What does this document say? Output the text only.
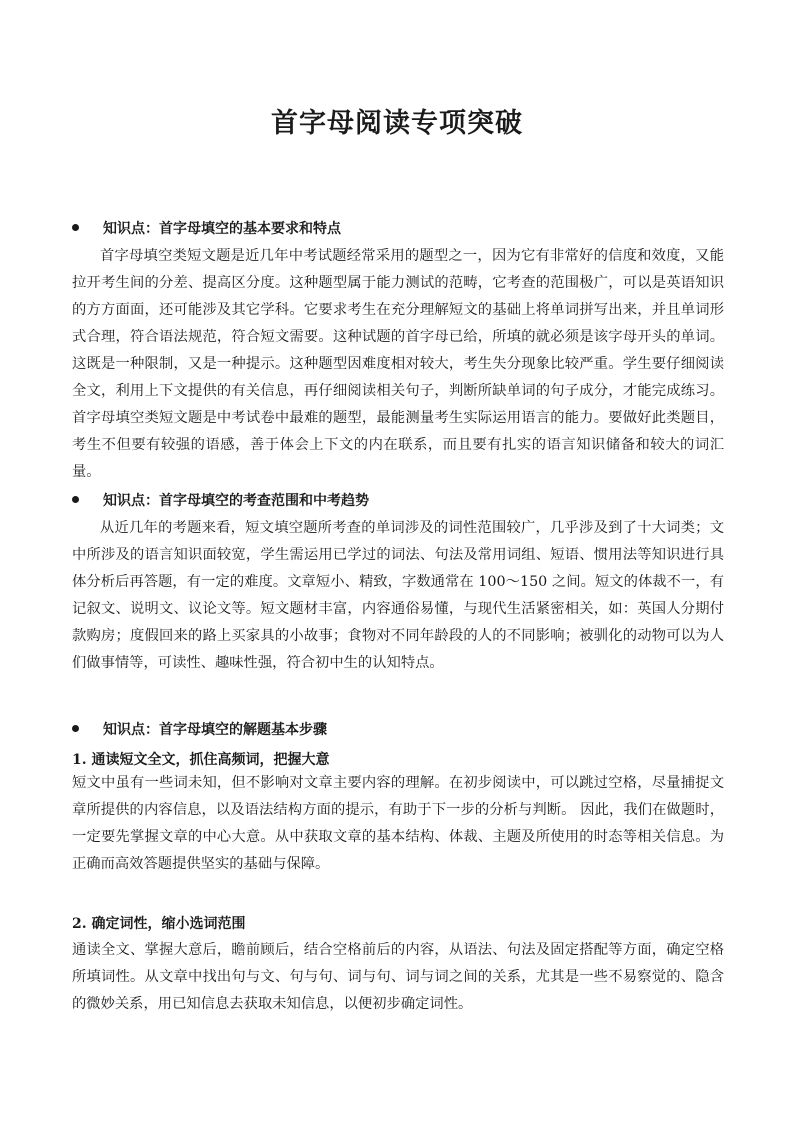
首字母阅读专项突破
知识点：首字母填空的基本要求和特点

首字母填空类短文题是近几年中考试题经常采用的题型之一，因为它有非常好的信度和效度，又能拉开考生间的分差、提高区分度。这种题型属于能力测试的范畴，它考查的范围极广，可以是英语知识的方方面面，还可能涉及其它学科。它要求考生在充分理解短文的基础上将单词拼写出来，并且单词形式合理，符合语法规范，符合短文需要。这种试题的首字母已给，所填的就必须是该字母开头的单词。这既是一种限制，又是一种提示。这种题型因难度相对较大，考生失分现象比较严重。学生要仔细阅读全文，利用上下文提供的有关信息，再仔细阅读相关句子，判断所缺单词的句子成分，才能完成练习。首字母填空类短文题是中考试卷中最难的题型，最能测量考生实际运用语言的能力。要做好此类题目，考生不但要有较强的语感，善于体会上下文的内在联系，而且要有扎实的语言知识储备和较大的词汇量。

知识点：首字母填空的考查范围和中考趋势

从近几年的考题来看，短文填空题所考查的单词涉及的词性范围较广，几乎涉及到了十大词类；文中所涉及的语言知识面较宽，学生需运用已学过的词法、句法及常用词组、短语、惯用法等知识进行具体分析后再答题，有一定的难度。文章短小、精致，字数通常在 100～150 之间。短文的体裁不一，有记叙文、说明文、议论文等。短文题材丰富，内容通俗易懂，与现代生活紧密相关，如：英国人分期付款购房；度假回来的路上买家具的小故事；食物对不同年龄段的人的不同影响；被驯化的动物可以为人们做事情等，可读性、趣味性强，符合初中生的认知特点。

知识点：首字母填空的解题基本步骤
1. 通读短文全文，抓住高频词，把握大意

短文中虽有一些词未知，但不影响对文章主要内容的理解。在初步阅读中，可以跳过空格，尽量捕捉文章所提供的内容信息，以及语法结构方面的提示，有助于下一步的分析与判断。 因此，我们在做题时，一定要先掌握文章的中心大意。从中获取文章的基本结构、体裁、主题及所使用的时态等相关信息。为正确而高效答题提供坚实的基础与保障。

2. 确定词性，缩小选词范围

通读全文、掌握大意后，瞻前顾后，结合空格前后的内容，从语法、句法及固定搭配等方面，确定空格所填词性。从文章中找出句与文、句与句、词与句、词与词之间的关系，尤其是一些不易察觉的、隐含的微妙关系，用已知信息去获取未知信息，以便初步确定词性。
